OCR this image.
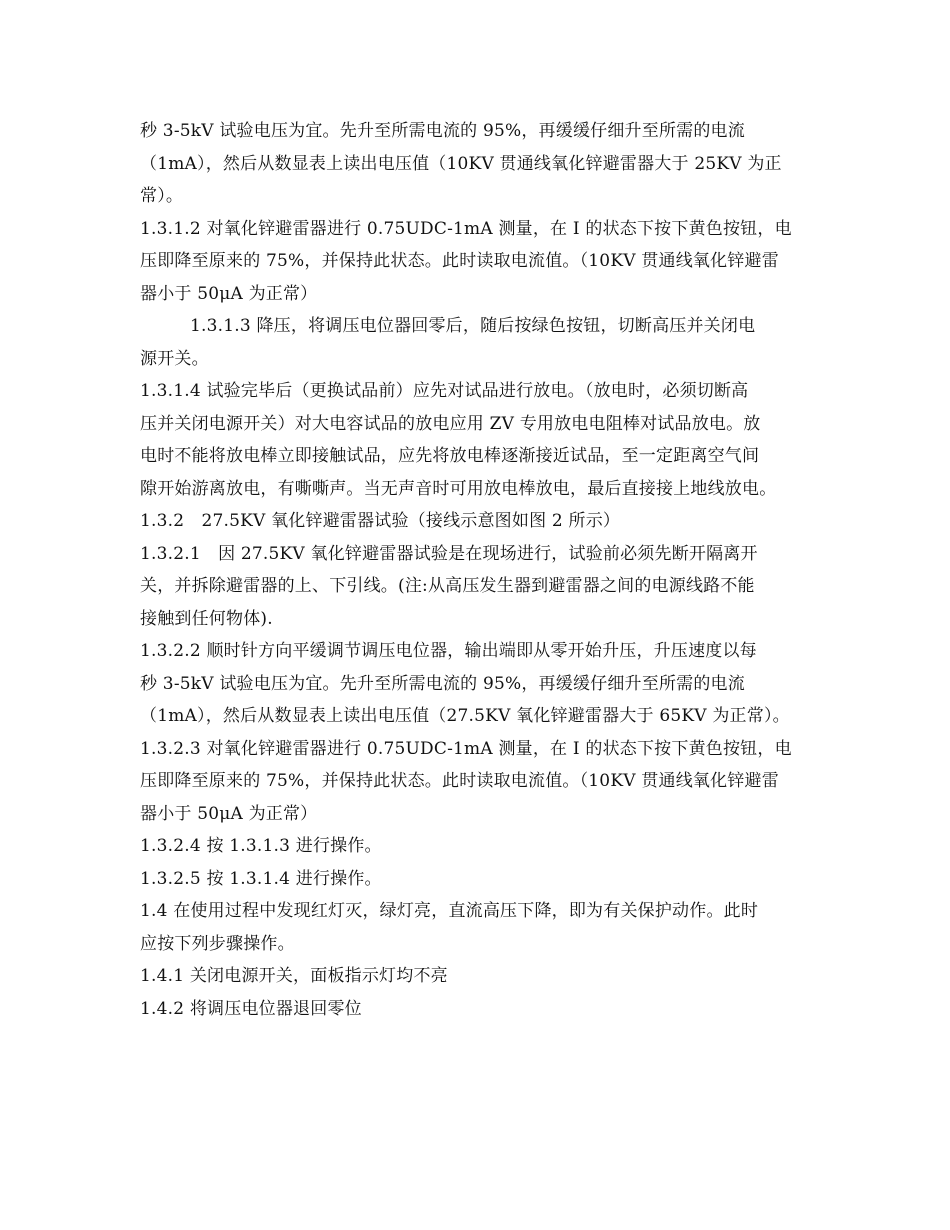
秒 3-5kV 试验电压为宜。先升至所需电流的 95%，再缓缓仔细升至所需的电流
（1mA），然后从数显表上读出电压值（10KV 贯通线氧化锌避雷器大于 25KV 为正
常）。
1.3.1.2 对氧化锌避雷器进行 0.75UDC-1mA 测量，在 I 的状态下按下黄色按钮，电
压即降至原来的 75%，并保持此状态。此时读取电流值。（10KV 贯通线氧化锌避雷
器小于 50μA 为正常）
1.3.1.3 降压，将调压电位器回零后，随后按绿色按钮，切断高压并关闭电
源开关。
1.3.1.4 试验完毕后（更换试品前）应先对试品进行放电。（放电时，必须切断高
压并关闭电源开关）对大电容试品的放电应用 ZV 专用放电电阻棒对试品放电。放
电时不能将放电棒立即接触试品，应先将放电棒逐渐接近试品，至一定距离空气间
隙开始游离放电，有嘶嘶声。当无声音时可用放电棒放电，最后直接接上地线放电。
1.3.2　27.5KV 氧化锌避雷器试验（接线示意图如图 2 所示）
1.3.2.1　因 27.5KV 氧化锌避雷器试验是在现场进行，试验前必须先断开隔离开
关，并拆除避雷器的上、下引线。(注:从高压发生器到避雷器之间的电源线路不能
接触到任何物体).
1.3.2.2 顺时针方向平缓调节调压电位器，输出端即从零开始升压，升压速度以每
秒 3-5kV 试验电压为宜。先升至所需电流的 95%，再缓缓仔细升至所需的电流
（1mA），然后从数显表上读出电压值（27.5KV 氧化锌避雷器大于 65KV 为正常）。
1.3.2.3 对氧化锌避雷器进行 0.75UDC-1mA 测量，在 I 的状态下按下黄色按钮，电
压即降至原来的 75%，并保持此状态。此时读取电流值。（10KV 贯通线氧化锌避雷
器小于 50μA 为正常）
1.3.2.4 按 1.3.1.3 进行操作。
1.3.2.5 按 1.3.1.4 进行操作。
1.4 在使用过程中发现红灯灭，绿灯亮，直流高压下降，即为有关保护动作。此时
应按下列步骤操作。
1.4.1 关闭电源开关，面板指示灯均不亮
1.4.2 将调压电位器退回零位
